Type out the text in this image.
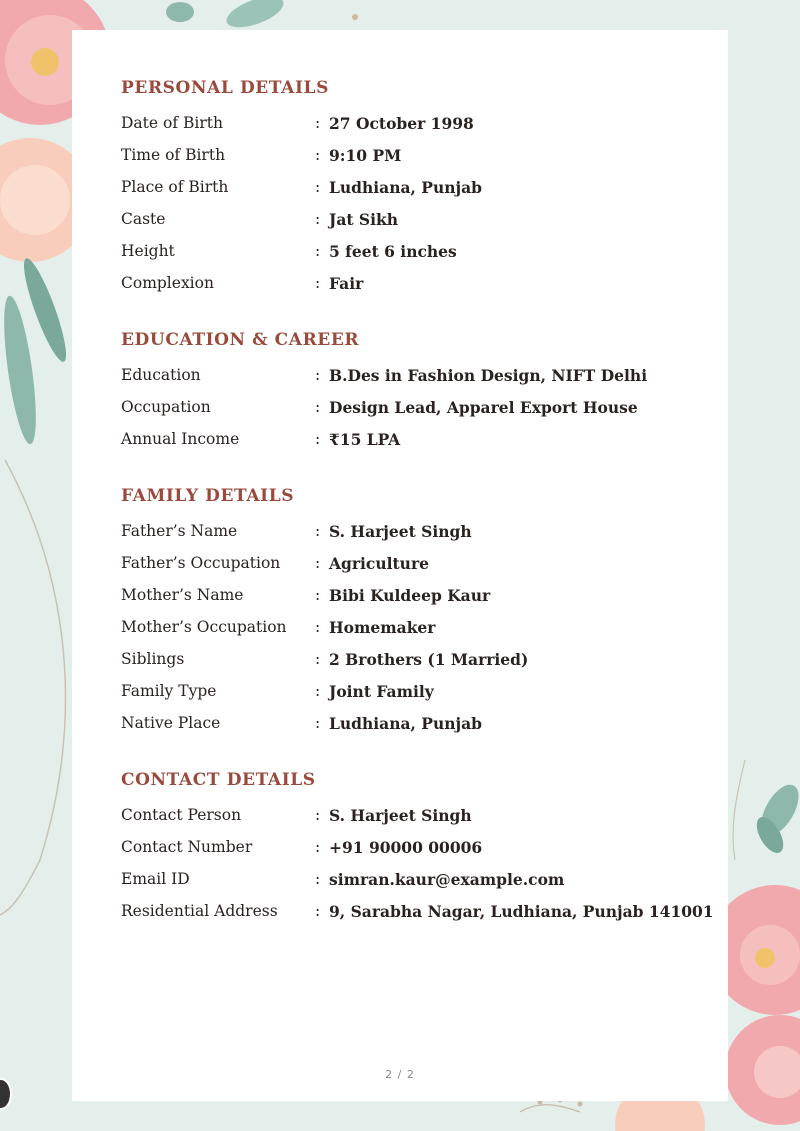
PERSONAL DETAILS
Date of Birth	: 27 October 1998
Time of Birth	: 9:10 PM
Place of Birth	: Ludhiana, Punjab
Caste	: Jat Sikh
Height	: 5 feet 6 inches
Complexion	: Fair
EDUCATION & CAREER
Education	: B.Des in Fashion Design, NIFT Delhi
Occupation	: Design Lead, Apparel Export House
Annual Income	: ₹15 LPA
FAMILY DETAILS
Father’s Name	: S. Harjeet Singh
Father’s Occupation : Agriculture
Mother’s Name	: Bibi Kuldeep Kaur
Mother’s Occupation : Homemaker
Siblings	: 2 Brothers (1 Married)
Family Type	: Joint Family
Native Place	: Ludhiana, Punjab
CONTACT DETAILS
Contact Person	: S. Harjeet Singh
Contact Number	: +91 90000 00006
Email ID	: simran.kaur@example.com
Residential Address : 9, Sarabha Nagar, Ludhiana, Punjab 141001
2 / 2
